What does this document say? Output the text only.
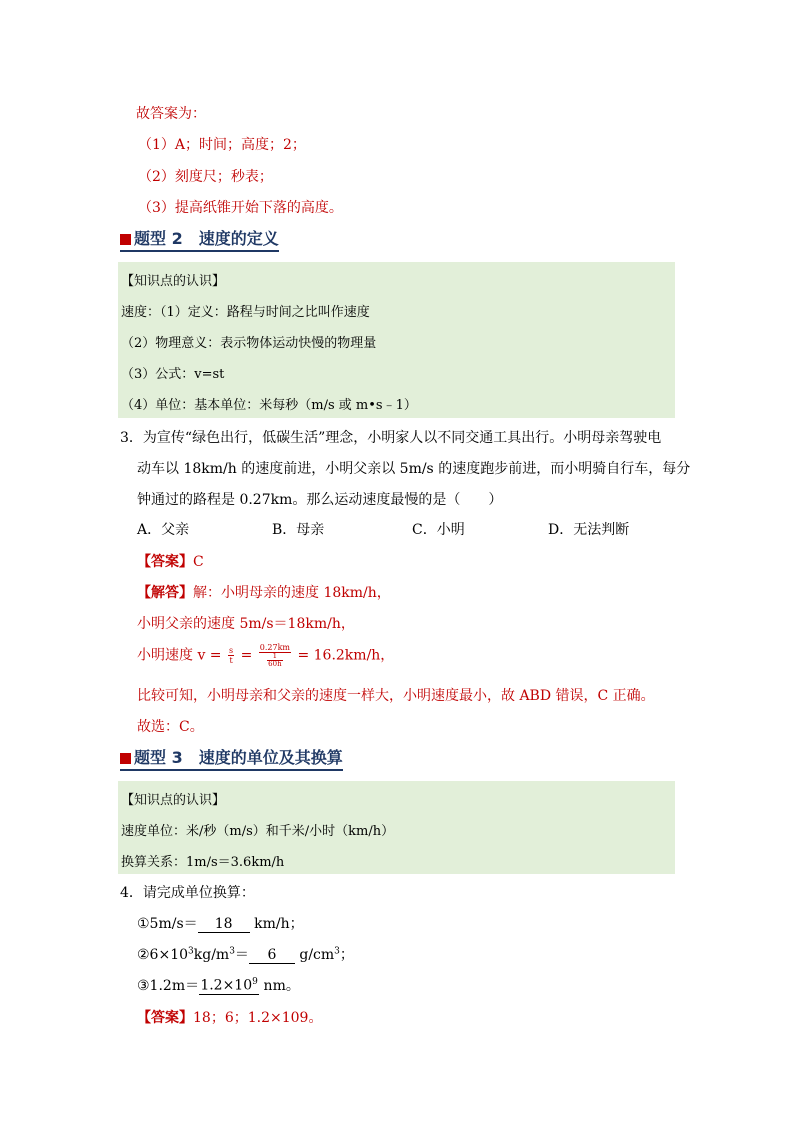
故答案为：
（1）A；时间；高度；2；
（2）刻度尺；秒表；
（3）提高纸锥开始下落的高度。
题型 2　速度的定义
【知识点的认识】
速度：（1）定义：路程与时间之比叫作速度
（2）物理意义：表示物体运动快慢的物理量
（3）公式：v=st
（4）单位：基本单位：米每秒（m/s 或 m•s﹣1）
3．为宣传“绿色出行，低碳生活”理念，小明家人以不同交通工具出行。小明母亲驾驶电
动车以 18km/h 的速度前进，小明父亲以 5m/s 的速度跑步前进，而小明骑自行车，每分
钟通过的路程是 0.27km。那么运动速度最慢的是（　　）
A．父亲	B．母亲	C．小明	D．无法判断
【答案】C
【解答】解：小明母亲的速度 18km/h，
小明父亲的速度 5m/s＝18km/h，
小明速度 $v = \frac{s}{t} = \frac{0.27km}{\frac{1}{60h}} = 16.2km/h$，
比较可知，小明母亲和父亲的速度一样大，小明速度最小，故 ABD 错误，C 正确。
故选：C。
题型 3　速度的单位及其换算
【知识点的认识】
速度单位：米/秒（m/s）和千米/小时（km/h）
换算关系：1m/s＝3.6km/h
4．请完成单位换算：
①5m/s＝ 18 km/h；
$②6\times 10^3kg/m^3= 6$ $g/cm^3$；
$③1.2m=1.2\times 10^9$ nm。
【答案】18；6；1.2×109。
